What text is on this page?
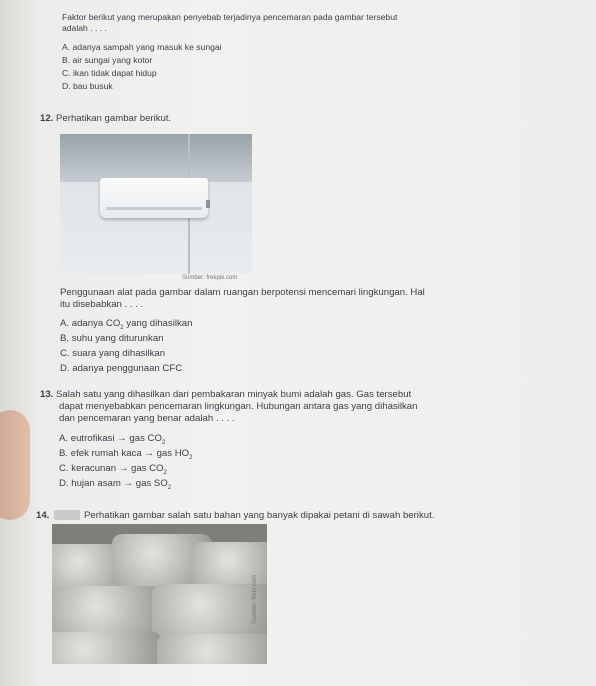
Faktor berikut yang merupakan penyebab terjadinya pencemaran pada gambar tersebut
adalah . . . .
A. adanya sampah yang masuk ke sungai
B. air sungai yang kotor
C. ikan tidak dapat hidup
D. bau busuk
12. Perhatikan gambar berikut.
Sumber: freepik.com
Penggunaan alat pada gambar dalam ruangan berpotensi mencemari lingkungan. Hal
itu disebabkan . . . .
A. adanya $CO_2$ yang dihasilkan
B. suhu yang diturunkan
C. suara yang dihasilkan
D. adanya penggunaan CFC
13. Salah satu yang dihasilkan dari pembakaran minyak bumi adalah gas. Gas tersebut
dapat menyebabkan pencemaran lingkungan. Hubungan antara gas yang dihasilkan
dan pencemaran yang benar adalah . . . .
A. eutrofikasi → gas $CO_2$
B. efek rumah kaca → gas $HO_2$
C. keracunan → gas $CO_2$
D. hujan asam → gas $SO_2$
14.	Perhatikan gambar salah satu bahan yang banyak dipakai petani di sawah berikut.
Sumber: flickr.com
